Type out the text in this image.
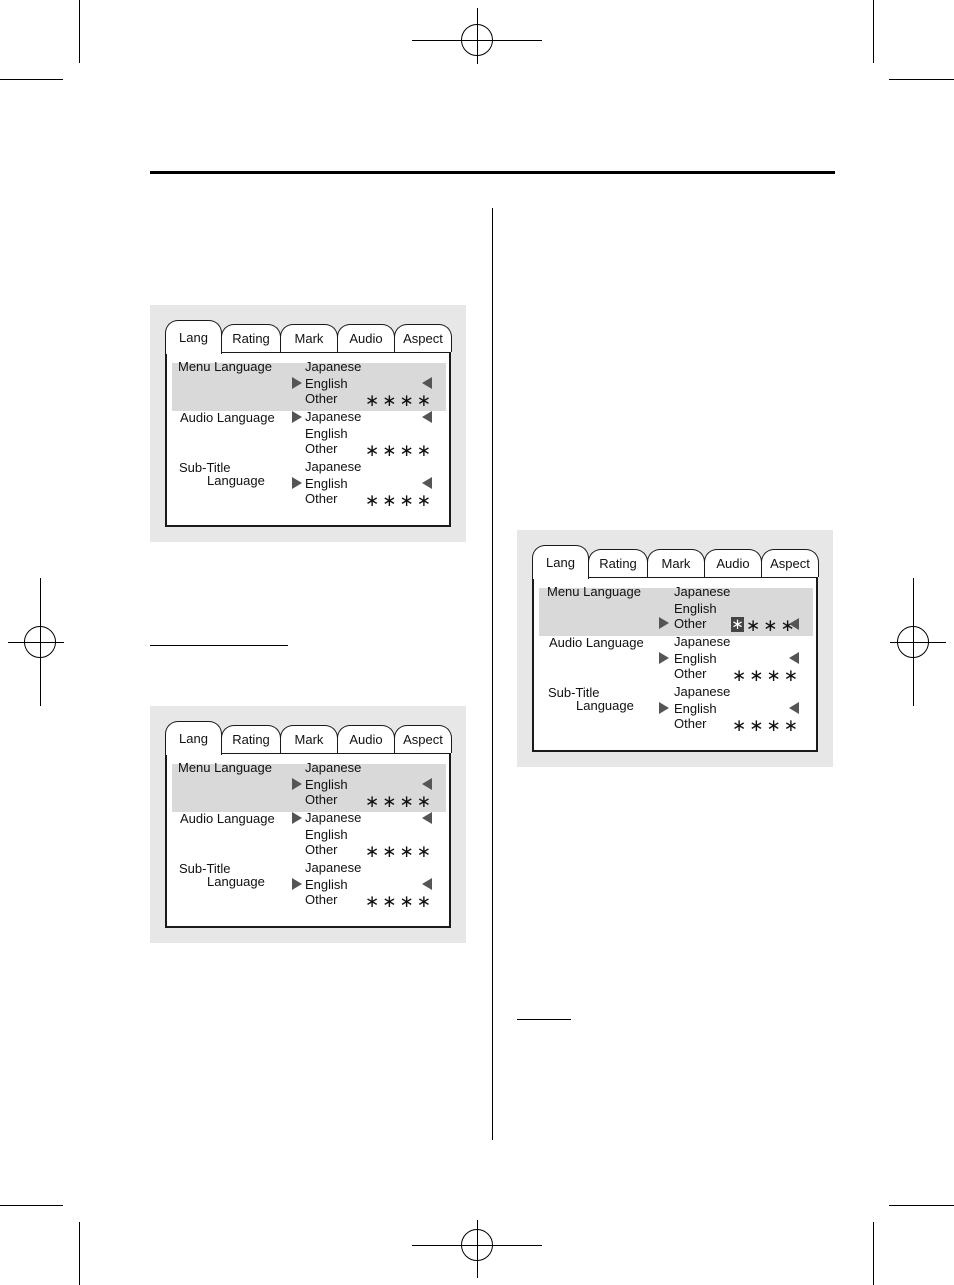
Menu Language	Japanese
English
Other ∗∗∗∗
Audio Language Japanese
English
Other ∗∗∗∗
Sub-Title
Language
Japanese
English
Other ∗∗∗∗
Lang	Rating	Mark	Audio	Aspect
Menu Language	Japanese
English
Other ∗∗∗∗
Audio Language Japanese
English
Other ∗∗∗∗
Sub-Title
Language
Japanese
English
Other ∗∗∗∗
Lang	Rating	Mark	Audio	Aspect
Menu Language	Japanese
English
Other ∗ ∗∗∗
Audio Language Japanese
English
Other ∗∗∗∗
Sub-Title
Language
Japanese
English
Other ∗∗∗∗
Lang	Rating	Mark	Audio	Aspect
